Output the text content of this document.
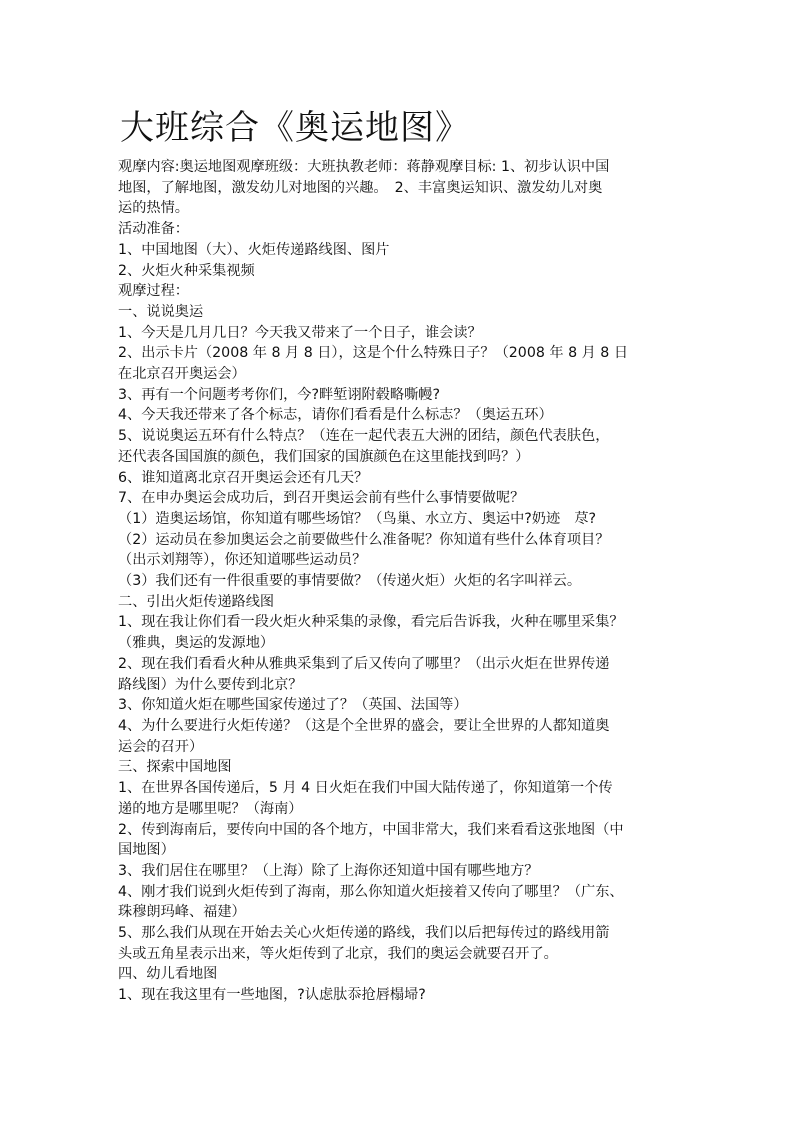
大班综合《奥运地图》

观摩内容:奥运地图观摩班级：大班执教老师：蒋静观摩目标: 1、初步认识中国

地图，了解地图，激发幼儿对地图的兴趣。　2、丰富奥运知识、激发幼儿对奥

运的热情。

活动准备：

1、中国地图（大）、火炬传递路线图、图片

2、火炬火种采集视频

观摩过程：

一、说说奥运

1、今天是几月几日？今天我又带来了一个日子，谁会读？

2、出示卡片（2008 年 8 月 8 日），这是个什么特殊日子？（2008 年 8 月 8 日

在北京召开奥运会）

3、再有一个问题考考你们，今?畔堑诩附毂略嘶幔?

4、今天我还带来了各个标志，请你们看看是什么标志？（奥运五环）

5、说说奥运五环有什么特点？（连在一起代表五大洲的团结，颜色代表肤色，

还代表各国国旗的颜色，我们国家的国旗颜色在这里能找到吗？）

6、谁知道离北京召开奥运会还有几天？

7、在申办奥运会成功后，到召开奥运会前有些什么事情要做呢？

（1）造奥运场馆，你知道有哪些场馆？（鸟巢、水立方、奥运中?奶迹　荩?

（2）运动员在参加奥运会之前要做些什么准备呢？你知道有些什么体育项目？

（出示刘翔等），你还知道哪些运动员？

（3）我们还有一件很重要的事情要做？（传递火炬）火炬的名字叫祥云。

二、引出火炬传递路线图

1、现在我让你们看一段火炬火种采集的录像，看完后告诉我，火种在哪里采集？

（雅典，奥运的发源地）

2、现在我们看看火种从雅典采集到了后又传向了哪里？（出示火炬在世界传递

路线图）为什么要传到北京？

3、你知道火炬在哪些国家传递过了？（英国、法国等）

4、为什么要进行火炬传递？（这是个全世界的盛会，要让全世界的人都知道奥

运会的召开）

三、探索中国地图

1、在世界各国传递后，5 月 4 日火炬在我们中国大陆传递了，你知道第一个传

递的地方是哪里呢？（海南）

2、传到海南后，要传向中国的各个地方，中国非常大，我们来看看这张地图（中

国地图）

3、我们居住在哪里？（上海）除了上海你还知道中国有哪些地方？

4、刚才我们说到火炬传到了海南，那么你知道火炬接着又传向了哪里？（广东、

珠穆朗玛峰、福建）

5、那么我们从现在开始去关心火炬传递的路线，我们以后把每传过的路线用箭

头或五角星表示出来，等火炬传到了北京，我们的奥运会就要召开了。

四、幼儿看地图

1、现在我这里有一些地图，?认虑肽忝抢唇榻埽?
